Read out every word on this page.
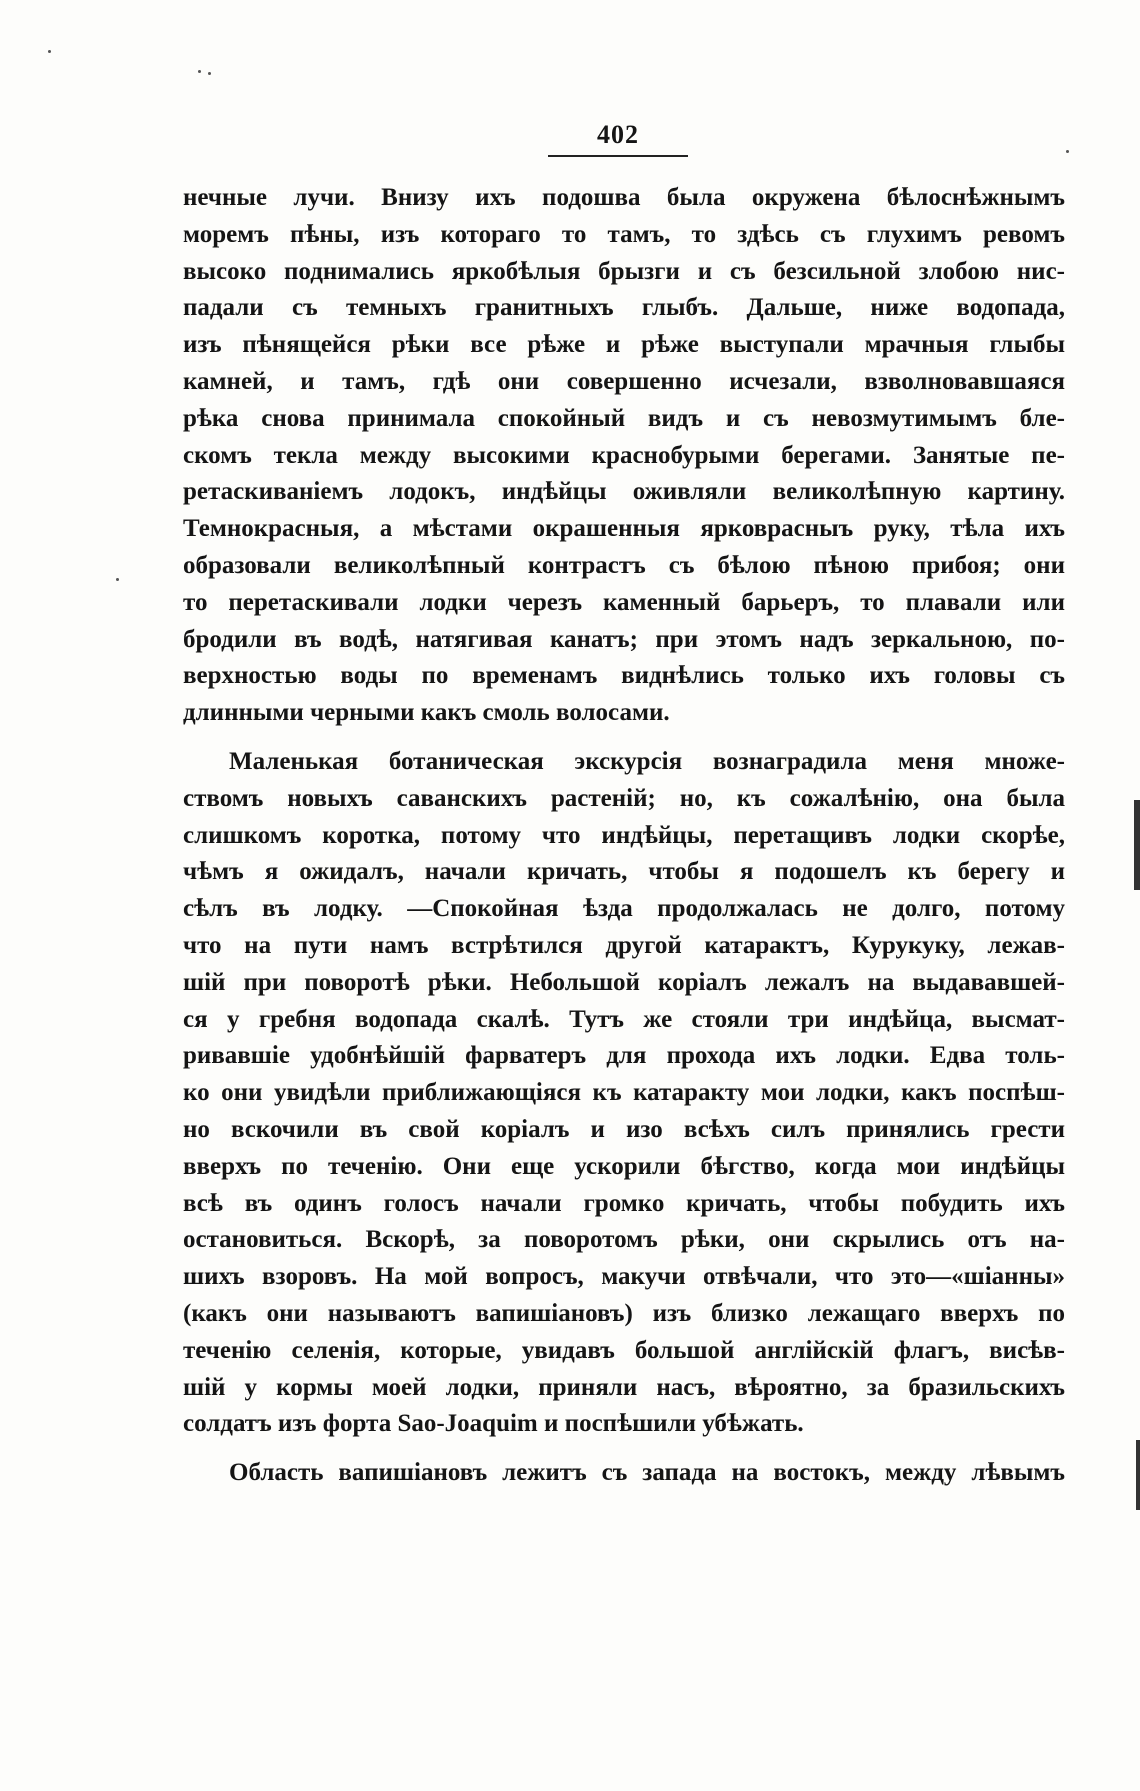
402
нечные лучи. Внизу ихъ подошва была окружена бѣлоснѣжнымъ
моремъ пѣны, изъ котораго то тамъ, то здѣсь съ глухимъ ревомъ
высоко поднимались яркобѣлыя брызги и съ безсильной злобою нис-
падали съ темныхъ гранитныхъ глыбъ. Дальше, ниже водопада,
изъ пѣнящейся рѣки все рѣже и рѣже выступали мрачныя глыбы
камней, и тамъ, гдѣ они совершенно исчезали, взволновавшаяся
рѣка снова принимала спокойный видъ и съ невозмутимымъ бле-
скомъ текла между высокими краснобурыми берегами. Занятые пе-
ретаскиваніемъ лодокъ, индѣйцы оживляли великолѣпную картину.
Темнокрасныя, а мѣстами окрашенныя ярковрасныъ руку, тѣла ихъ
образовали великолѣпный контрастъ съ бѣлою пѣною прибоя; они
то перетаскивали лодки черезъ каменный барьеръ, то плавали или
бродили въ водѣ, натягивая канатъ; при этомъ надъ зеркальною, по-
верхностью воды по временамъ виднѣлись только ихъ головы съ
длинными черными какъ смоль волосами.
Маленькая ботаническая экскурсія вознаградила меня множе-
ствомъ новыхъ саванскихъ растеній; но, къ сожалѣнію, она была
слишкомъ коротка, потому что индѣйцы, перетащивъ лодки скорѣе,
чѣмъ я ожидалъ, начали кричать, чтобы я подошелъ къ берегу и
сѣлъ въ лодку. —Спокойная ѣзда продолжалась не долго, потому
что на пути намъ встрѣтился другой катарактъ, Курукуку, лежав-
шій при поворотѣ рѣки. Небольшой коріалъ лежалъ на выдававшей-
ся у гребня водопада скалѣ. Тутъ же стояли три индѣйца, высмат-
ривавшіе удобнѣйшій фарватеръ для прохода ихъ лодки. Едва толь-
ко они увидѣли приближающіяся къ катаракту мои лодки, какъ поспѣш-
но вскочили въ свой коріалъ и изо всѣхъ силъ принялись грести
вверхъ по теченію. Они еще ускорили бѣгство, когда мои индѣйцы
всѣ въ одинъ голосъ начали громко кричать, чтобы побудить ихъ
остановиться. Вскорѣ, за поворотомъ рѣки, они скрылись отъ на-
шихъ взоровъ. На мой вопросъ, макучи отвѣчали, что это—«шіанны»
(какъ они называютъ вапишіановъ) изъ близко лежащаго вверхъ по
теченію селенія, которые, увидавъ большой англійскій флагъ, висѣв-
шій у кормы моей лодки, приняли насъ, вѣроятно, за бразильскихъ
солдатъ изъ форта Sao-Joaquim и поспѣшили убѣжать.
Область вапишіановъ лежитъ съ запада на востокъ, между лѣвымъ
